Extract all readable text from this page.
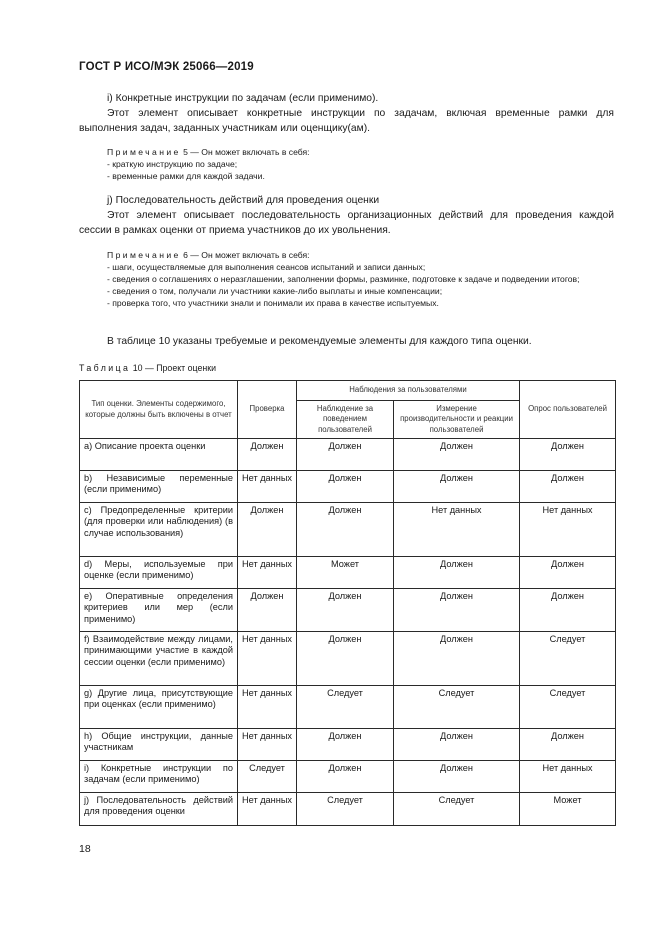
ГОСТ Р ИСО/МЭК 25066—2019
i) Конкретные инструкции по задачам (если применимо).
Этот элемент описывает конкретные инструкции по задачам, включая временные рамки для выполнения задач, заданных участникам или оценщику(ам).
Примечание 5 — Он может включать в себя:
- краткую инструкцию по задаче;
- временные рамки для каждой задачи.
j) Последовательность действий для проведения оценки
Этот элемент описывает последовательность организационных действий для проведения каждой сессии в рамках оценки от приема участников до их увольнения.
Примечание 6 — Он может включать в себя:
- шаги, осуществляемые для выполнения сеансов испытаний и записи данных;
- сведения о соглашениях о неразглашении, заполнении формы, разминке, подготовке к задаче и подведении итогов;
- сведения о том, получали ли участники какие-либо выплаты и иные компенсации;
- проверка того, что участники знали и понимали их права в качестве испытуемых.
В таблице 10 указаны требуемые и рекомендуемые элементы для каждого типа оценки.
Таблица 10 — Проект оценки
Тип оценки. Элементы содержимого, которые должны быть включены в отчет	Проверка	Наблюдения за пользователями		Опрос пользователей
		Наблюдение за поведением пользователей	Измерение производительности и реакции пользователей	
a) Описание проекта оценки	Должен	Должен	Должен	Должен
b) Независимые переменные (если применимо)	Нет данных	Должен	Должен	Должен
c) Предопределенные критерии (для проверки или наблюдения) (в случае использования)	Должен	Должен	Нет данных	Нет данных
d) Меры, используемые при оценке (если применимо)	Нет данных	Может	Должен	Должен
e) Оперативные определения критериев или мер (если применимо)	Должен	Должен	Должен	Должен
f) Взаимодействие между лицами, принимающими участие в каждой сессии оценки (если применимо)	Нет данных	Должен	Должен	Следует
g) Другие лица, присутствующие при оценках (если применимо)	Нет данных	Следует	Следует	Следует
h) Общие инструкции, данные участникам	Нет данных	Должен	Должен	Должен
i) Конкретные инструкции по задачам (если применимо)	Следует	Должен	Должен	Нет данных
j) Последовательность действий для проведения оценки	Нет данных	Следует	Следует	Может
18
